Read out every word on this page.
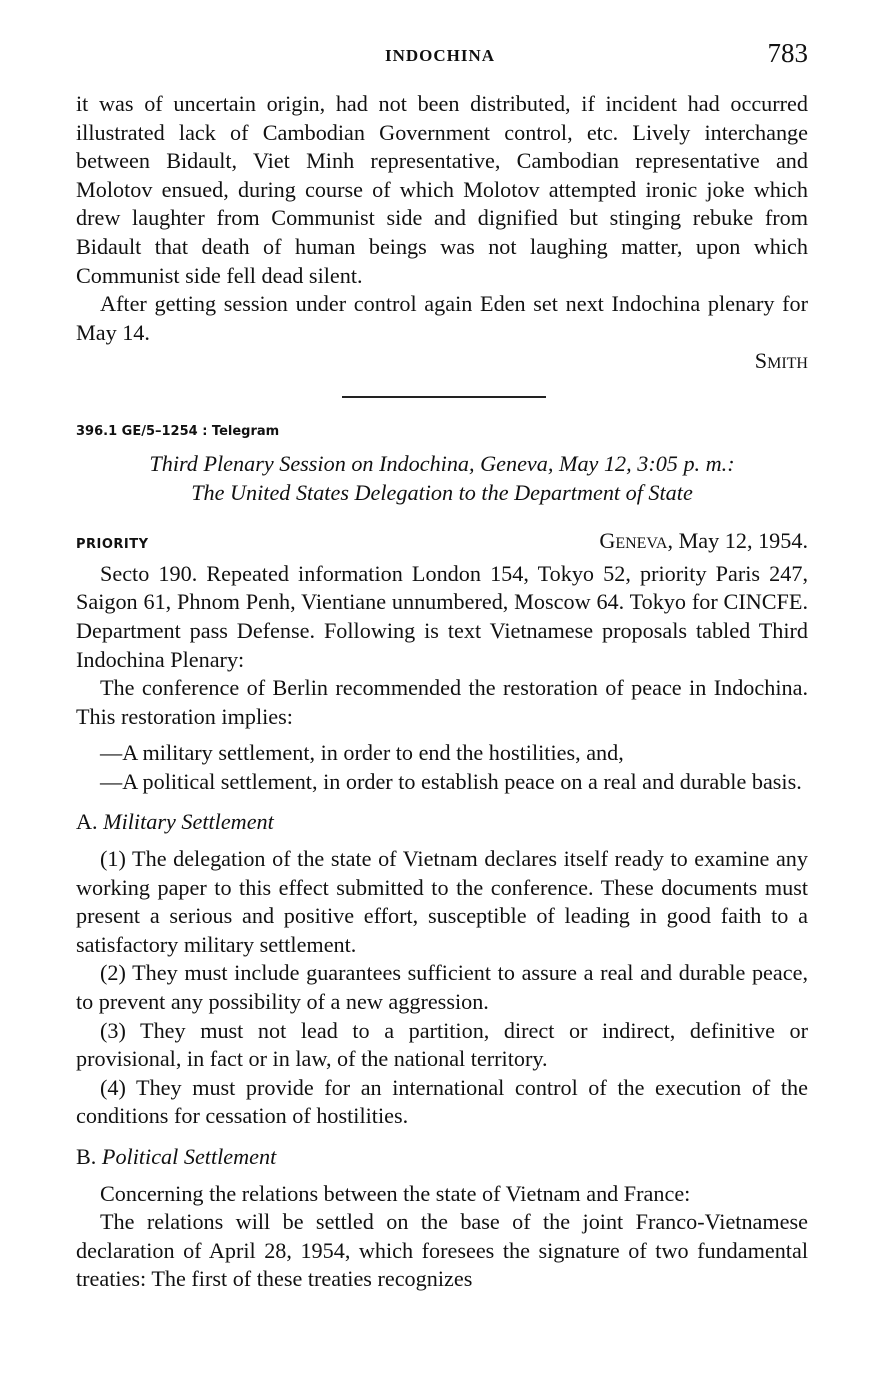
INDOCHINA	783

it was of uncertain origin, had not been distributed, if incident had occurred illustrated lack of Cambodian Government control, etc. Lively interchange between Bidault, Viet Minh representative, Cambodian representative and Molotov ensued, during course of which Molotov attempted ironic joke which drew laughter from Communist side and dignified but stinging rebuke from Bidault that death of human beings was not laughing matter, upon which Communist side fell dead silent.

After getting session under control again Eden set next Indochina plenary for May 14.

Smith

396.1 GE/5–1254 : Telegram

Third Plenary Session on Indochina, Geneva, May 12, 3:05 p. m.:

The United States Delegation to the Department of State

PRIORITY	Geneva, May 12, 1954.

Secto 190. Repeated information London 154, Tokyo 52, priority Paris 247, Saigon 61, Phnom Penh, Vientiane unnumbered, Moscow 64. Tokyo for CINCFE. Department pass Defense. Following is text Vietnamese proposals tabled Third Indochina Plenary:

The conference of Berlin recommended the restoration of peace in Indochina. This restoration implies:

—A military settlement, in order to end the hostilities, and,

—A political settlement, in order to establish peace on a real and durable basis.

A. Military Settlement

(1) The delegation of the state of Vietnam declares itself ready to examine any working paper to this effect submitted to the conference. These documents must present a serious and positive effort, susceptible of leading in good faith to a satisfactory military settlement.

(2) They must include guarantees sufficient to assure a real and durable peace, to prevent any possibility of a new aggression.

(3) They must not lead to a partition, direct or indirect, definitive or provisional, in fact or in law, of the national territory.

(4) They must provide for an international control of the execution of the conditions for cessation of hostilities.

B. Political Settlement

Concerning the relations between the state of Vietnam and France:

The relations will be settled on the base of the joint Franco-Vietnamese declaration of April 28, 1954, which foresees the signature of two fundamental treaties: The first of these treaties recognizes
